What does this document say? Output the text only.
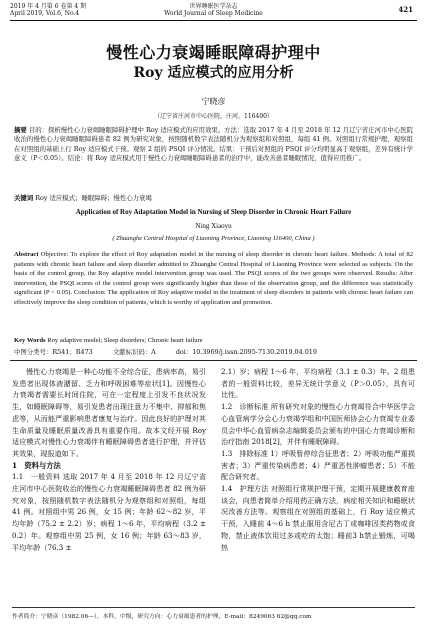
2019 年 4 月第 6 卷第 4 期
April 2019, Vol.6, No.4
世界睡眠医学杂志
World Journal of Sleep Medicine	421
慢性心力衰竭睡眠障碍护理中
Roy 适应模式的应用分析
宁晓彦
（辽宁省庄河市中心医院，庄河，116400）
摘要 目的：探析慢性心力衰竭睡眠障碍护理中 Roy 适应模式的应用效果。方法：选取 2017 年 4 月至 2018 年 12 月辽宁省庄河市中心医院收治的慢性心力衰竭睡眠障碍患者 82 例为研究对象，按照随机数字表法随机分为观察组和对照组，每组 41 例。对照组行常规护理，观察组在对照组的基础上行 Roy 适应模式干预。观察 2 组的 PSQI 评分情况。结果：干预后对照组的 PSQI 评分均明显高于观察组，差异有统计学意义（P＜0.05）。结论：将 Roy 适应模式用于慢性心力衰竭睡眠障碍患者的治疗中，能改善患者睡眠情况，值得应用推广。
关键词 Roy 适应模式；睡眠障碍；慢性心力衰竭
Application of Roy Adaptation Model in Nursing of Sleep Disorder in Chronic Heart Failure
Ning Xiaoyu
( Zhuanghe Central Hospital of Liaoning Province, Liaoning 116400, China )
Abstract Objective: To explore the effect of Roy adaptation model in the nursing of sleep disorder in chronic heart failure. Methods: A total of 82 patients with chronic heart failure and sleep disorder admitted to Zhuanghe Central Hospital of Liaoning Province were selected as subjects. On the basis of the control group, the Roy adaptive model intervention group was used. The PSQI scores of the two groups were observed. Results: After intervention, the PSQI scores of the control group were significantly higher than those of the observation group, and the difference was statistically significant (P < 0.05). Conclusion: The application of Roy adaptive model in the treatment of sleep disorders in patients with chronic heart failure can effectively improve the sleep condition of patients, which is worthy of application and promotion.
Key Words Roy adaptive model; Sleep disorders; Chronic heart failure
中图分类号：R541；R473	文献标识码：A	doi：10.3969/j.issn.2095-7130.2019.04.019

慢性心力衰竭是一种心功能不全综合征，患病率高，易引发患者出现体液潴留、乏力和呼吸困难等症状[1]。因慢性心力衰竭者需要长时间住院，可在一定程度上引发不良状况发生，如睡眠障碍等，易引发患者出现注意力不集中、抑郁和焦虑等，从而能严重影响患者康复与治疗。因此良好的护理对其生命质量及睡眠质量改善具有重要作用。故本文经开展 Roy 适应模式对慢性心力衰竭伴有睡眠障碍患者进行护理，并评估其效果，现报道如下。

1　资料与方法

1.1　一般资料 选取 2017 年 4 月至 2018 年 12 月辽宁省庄河市中心医院收治的慢性心力衰竭睡眠障碍患者 82 例为研究对象，按照随机数字表法随机分为观察组和对照组，每组 41 例。对照组中男 26 例，女 15 例；年龄 62～82 岁，平均年龄（75.2 ± 2.2）岁；病程 1～6 年，平均病程（3.2 ± 0.2）年。观察组中男 25 例，女 16 例；年龄 63～83 岁，平均年龄（76.3 ±

2.1）岁；病程 1～6 年，平均病程（3.1 ± 0.3）年。2 组患者的一般资料比较，差异无统计学意义（P＞0.05），具有可比性。

1.2　诊断标准 所有研究对象的慢性心力衰竭符合中华医学会心血管病学分会心力衰竭学组和中国医师协会心力衰竭专业委员会中华心血管病杂志编辑委员会颁布的中国心力衰竭诊断和治疗指南 2018[2]，并伴有睡眠障碍。

1.3　排除标准 1）呼吸暂停综合征患者；2）呼吸功能严重损害者；3）严重传染病患者；4）严重恶性肿瘤患者；5）不能配合研究者。

1.4　护理方法 对照组行常规护理干预，定期开展健康教育座谈会，向患者简单介绍用药正确方法，病症相关知识和睡眠状况改善方法等。观察组在对照组的基础上，行 Roy 适应模式干预，入睡前 4～6 h 禁止服用含尼古丁或咖啡因类药物或食物，禁止液体饮用过多或吃的太饱；睡前3 h禁止锻炼，可喝热

作者简介：宁晓彦（1982.06—），本科，中级，研究方向：心力衰竭患者的护理，E-mail：8249063 62@qq.com
